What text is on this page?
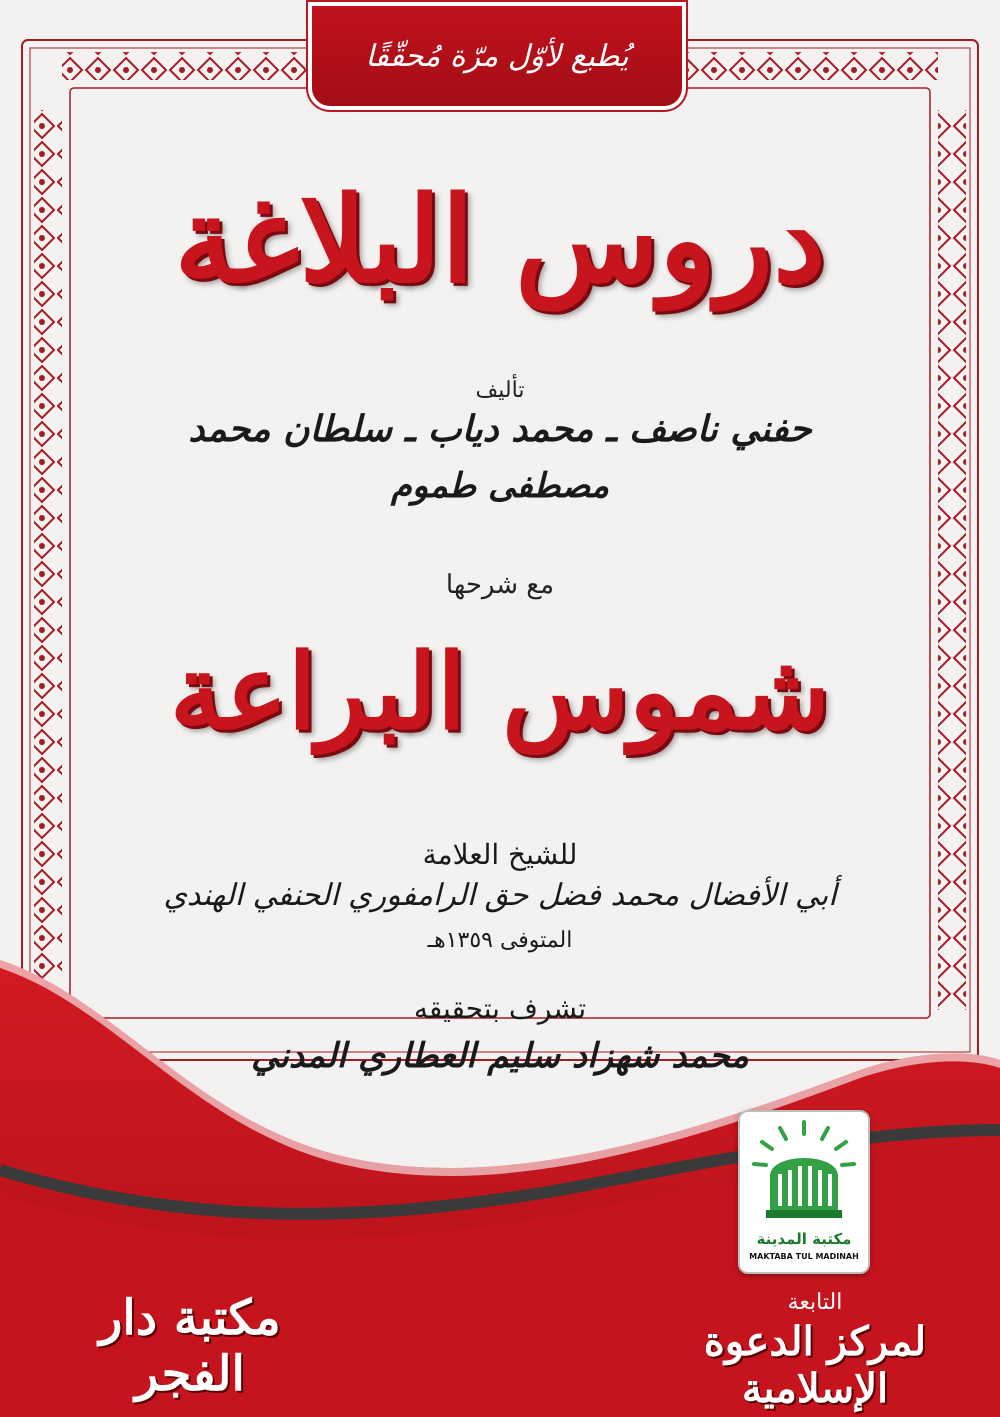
يُطبع لأوّل مرّة مُحقّقًا
دروس البلاغة
تأليف
حفني ناصف ـ محمد دياب ـ سلطان محمد
مصطفى طموم
مع شرحها
شموس البراعة
للشيخ العلامة
أبي الأفضال محمد فضل حق الرامفوري الحنفي الهندي
المتوفى ١٣٥٩هـ
تشرف بتحقيقه
محمد شهزاد سليم العطاري المدني
مكتبة المدينة
MAKTABA TUL MADINAH
التابعة
لمركز الدعوة الإسلامية
مكتبة دار الفجر
